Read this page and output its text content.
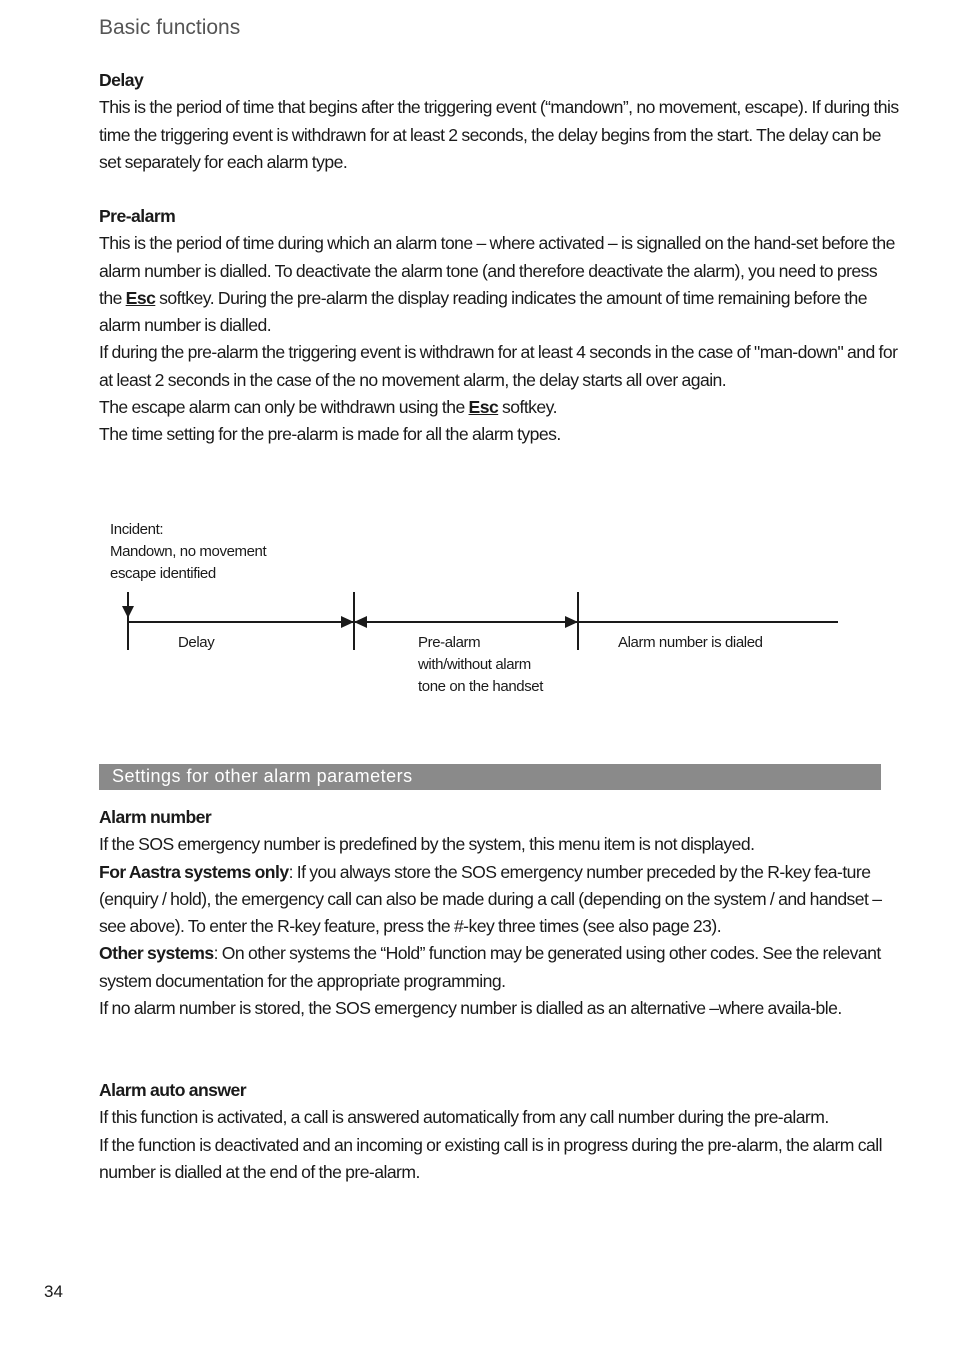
Basic functions

Delay
This is the period of time that begins after the triggering event (“mandown”, no movement, escape). If during this time the triggering event is withdrawn for at least 2 seconds, the delay begins from the start. The delay can be set separately for each alarm type.

Pre-alarm
This is the period of time during which an alarm tone – where activated – is signalled on the hand-set before the alarm number is dialled. To deactivate the alarm tone (and therefore deactivate the alarm), you need to press the Esc softkey. During the pre-alarm the display reading indicates the amount of time remaining before the alarm number is dialled.
If during the pre-alarm the triggering event is withdrawn for at least 4 seconds in the case of "man-down" and for at least 2 seconds in the case of the no movement alarm, the delay starts all over again.
The escape alarm can only be withdrawn using the Esc softkey.
The time setting for the pre-alarm is made for all the alarm types.

Incident:
Mandown, no movement
escape identified
Delay	Pre-alarm
with/without alarm
tone on the handset
Alarm number is dialed
Settings for other alarm parameters

Alarm number
If the SOS emergency number is predefined by the system, this menu item is not displayed.
For Aastra systems only: If you always store the SOS emergency number preceded by the R-key fea-ture (enquiry / hold), the emergency call can also be made during a call (depending on the system / and handset – see above). To enter the R-key feature, press the #-key three times (see also page 23).
Other systems: On other systems the “Hold” function may be generated using other codes. See the relevant system documentation for the appropriate programming.
If no alarm number is stored, the SOS emergency number is dialled as an alternative –where availa-ble.

Alarm auto answer
If this function is activated, a call is answered automatically from any call number during the pre-alarm.
If the function is deactivated and an incoming or existing call is in progress during the pre-alarm, the alarm call number is dialled at the end of the pre-alarm.

34
